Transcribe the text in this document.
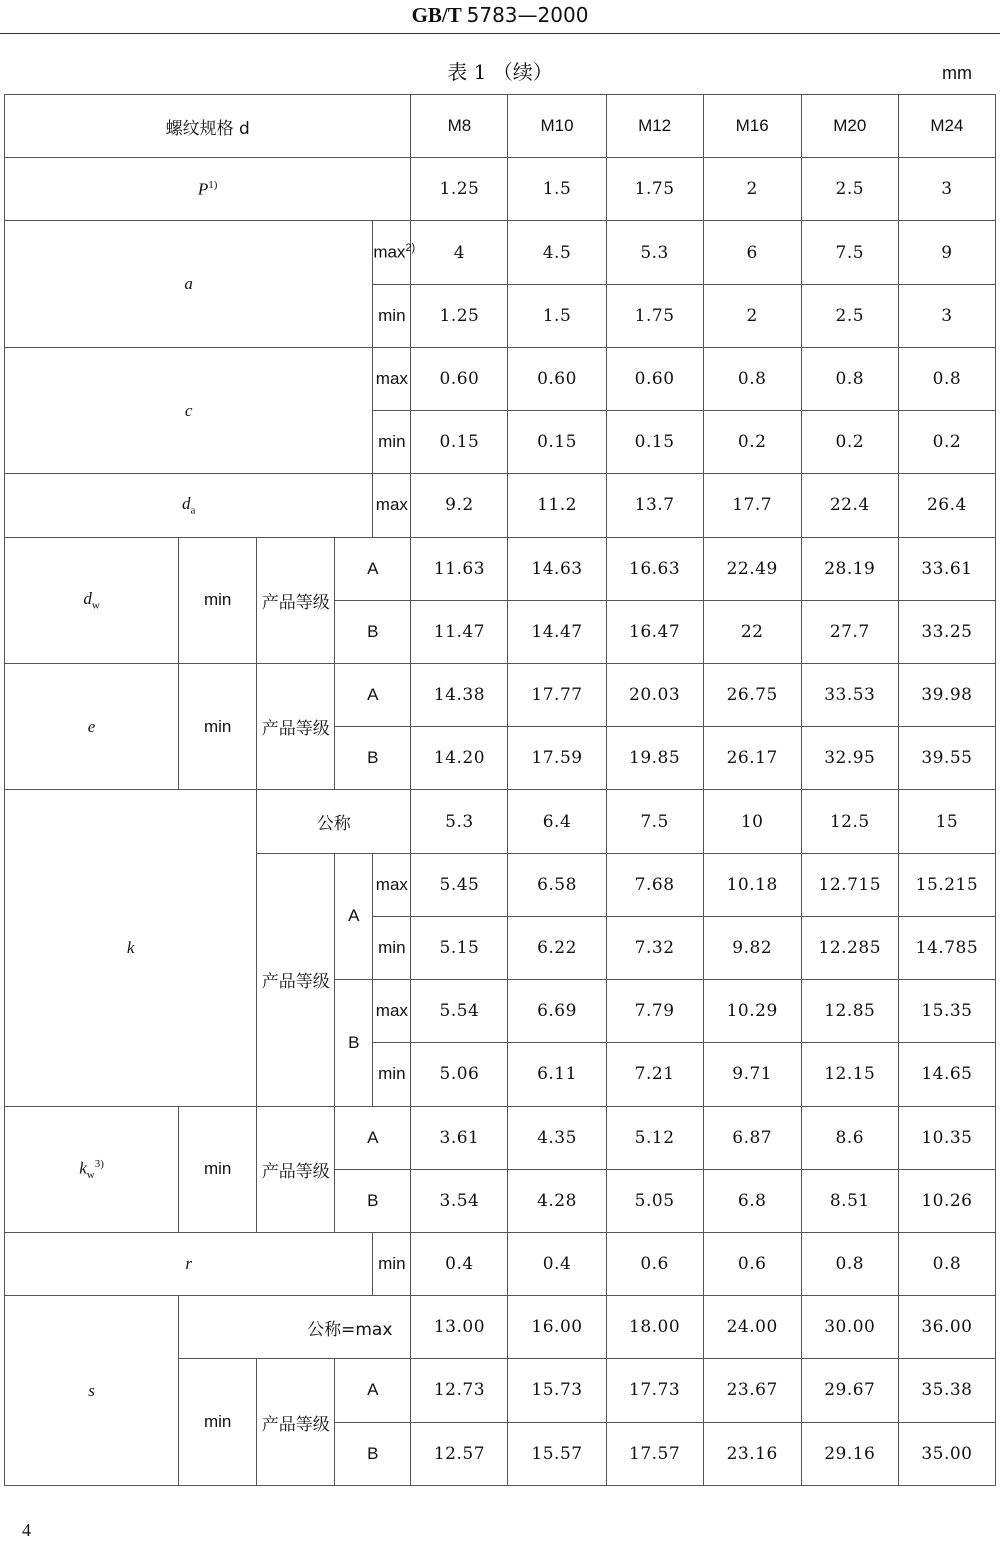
GB/T 5783—2000
表 1 （续）	mm
螺纹规格 d					M8	M10	M12	M16	M20	M24
$P^{1)}$					1.25	1.5	1.75	2	2.5	3
a				$\max^{2)}$	4	4.5	5.3	6	7.5	9
				min	1.25	1.5	1.75	2	2.5	3
c				max	0.60	0.60	0.60	0.8	0.8	0.8
				min	0.15	0.15	0.15	0.2	0.2	0.2
$d_a$				max	9.2	11.2	13.7	17.7	22.4	26.4
$d_w$	min	产品等级	A		11.63	14.63	16.63	22.49	28.19	33.61
			B		11.47	14.47	16.47	22	27.7	33.25
e	min	产品等级	A		14.38	17.77	20.03	26.75	33.53	39.98
			B		14.20	17.59	19.85	26.17	32.95	39.55
k		公称			5.3	6.4	7.5	10	12.5	15
		产品等级	A	max	5.45	6.58	7.68	10.18	12.715	15.215
				min	5.15	6.22	7.32	9.82	12.285	14.785
			B	max	5.54	6.69	7.79	10.29	12.85	15.35
				min	5.06	6.11	7.21	9.71	12.15	14.65
$k_w^{3)}$	min	产品等级	A		3.61	4.35	5.12	6.87	8.6	10.35
			B		3.54	4.28	5.05	6.8	8.51	10.26
r				min	0.4	0.4	0.6	0.6	0.8	0.8
s	公称=max				13.00	16.00	18.00	24.00	30.00	36.00
	min	产品等级	A		12.73	15.73	17.73	23.67	29.67	35.38
			B		12.57	15.57	17.57	23.16	29.16	35.00
4
